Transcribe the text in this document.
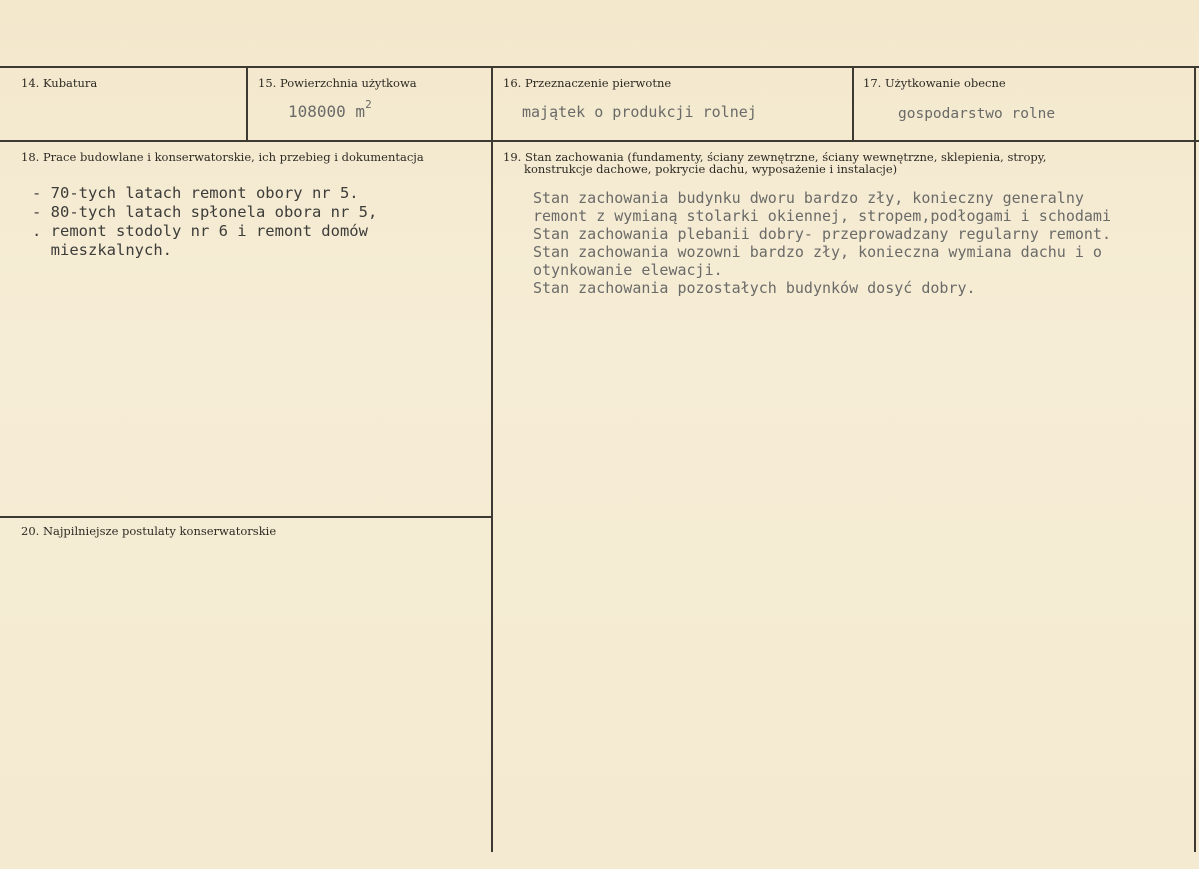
14. Kubatura	15. Powierzchnia użytkowa
108000 $m^2$
16. Przeznaczenie pierwotne
majątek o produkcji rolnej
17. Użytkowanie obecne
gospodarstwo rolne
18. Prace budowlane i konserwatorskie, ich przebieg i dokumentacja
- 70-tych latach remont obory nr 5.
- 80-tych latach spłonela obora nr 5,
. remont stodoly nr 6 i remont domów
mieszkalnych.
19. Stan zachowania (fundamenty, ściany zewnętrzne, ściany wewnętrzne, sklepienia, stropy,
konstrukcje dachowe, pokrycie dachu, wyposażenie i instalacje)
Stan zachowania budynku dworu bardzo zły, konieczny generalny
remont z wymianą stolarki okiennej, stropem,podłogami i schodami
Stan zachowania plebanii dobry- przeprowadzany regularny remont.
Stan zachowania wozowni bardzo zły, konieczna wymiana dachu i o
otynkowanie elewacji.
Stan zachowania pozostałych budynków dosyć dobry.
20. Najpilniejsze postulaty konserwatorskie
